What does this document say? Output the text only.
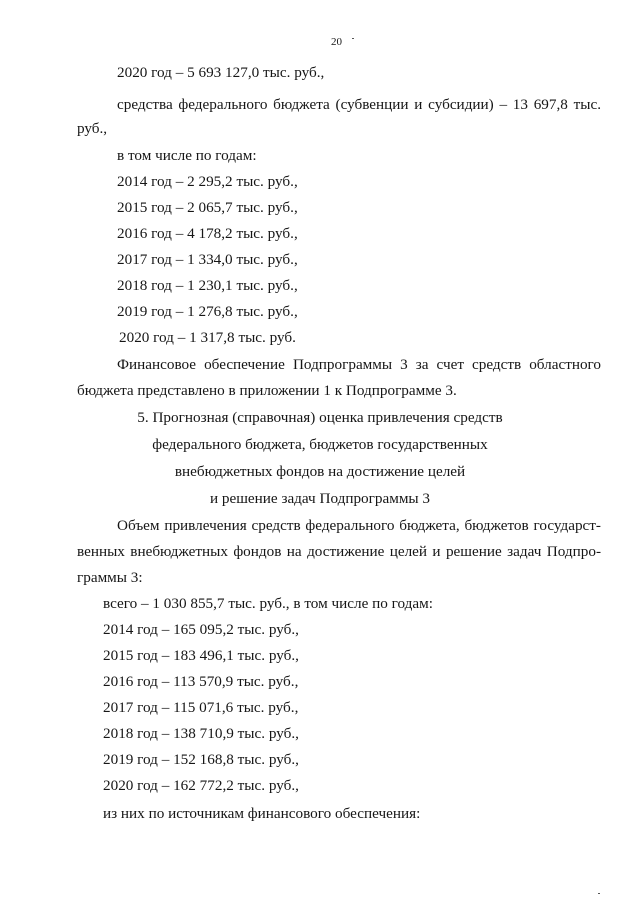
20
2020 год – 5 693 127,0 тыс. руб.,
средства федерального бюджета (субвенции и субсидии) – 13 697,8 тыс.
руб.,
в том числе по годам:
2014 год – 2 295,2 тыс. руб.,
2015 год – 2 065,7 тыс. руб.,
2016 год – 4 178,2 тыс. руб.,
2017 год – 1 334,0 тыс. руб.,
2018 год – 1 230,1 тыс. руб.,
2019 год – 1 276,8 тыс. руб.,
2020 год – 1 317,8 тыс. руб.
Финансовое обеспечение Подпрограммы 3 за счет средств областного
бюджета представлено в приложении 1 к Подпрограмме 3.
5. Прогнозная (справочная) оценка привлечения средств
федерального бюджета, бюджетов государственных
внебюджетных фондов на достижение целей
и решение задач Подпрограммы 3
Объем привлечения средств федерального бюджета, бюджетов государст-
венных внебюджетных фондов на достижение целей и решение задач Подпро-
граммы 3:
всего – 1 030 855,7 тыс. руб., в том числе по годам:
2014 год – 165 095,2 тыс. руб.,
2015 год – 183 496,1 тыс. руб.,
2016 год – 113 570,9 тыс. руб.,
2017 год – 115 071,6 тыс. руб.,
2018 год – 138 710,9 тыс. руб.,
2019 год – 152 168,8 тыс. руб.,
2020 год – 162 772,2 тыс. руб.,
из них по источникам финансового обеспечения:
